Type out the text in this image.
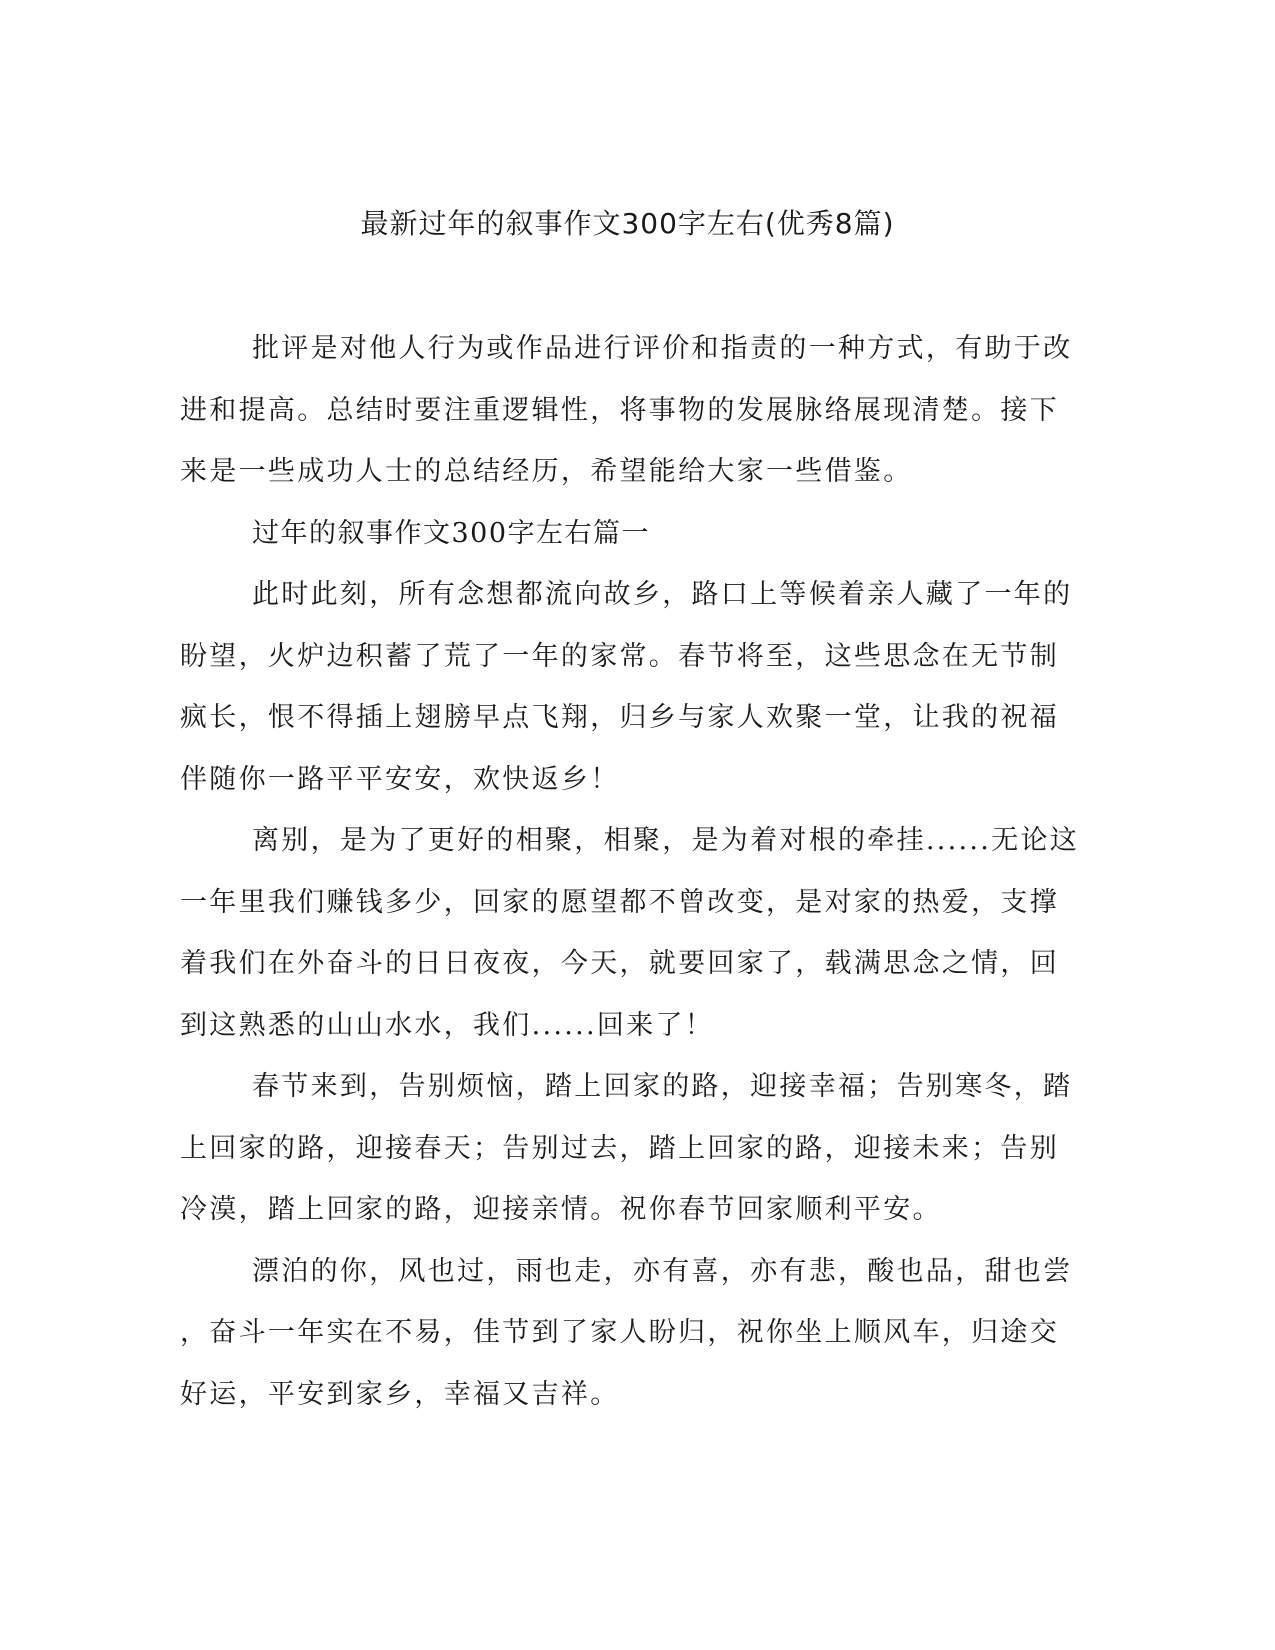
最新过年的叙事作文300字左右(优秀8篇)

批评是对他人行为或作品进行评价和指责的一种方式，有助于改
进和提高。总结时要注重逻辑性，将事物的发展脉络展现清楚。接下
来是一些成功人士的总结经历，希望能给大家一些借鉴。

过年的叙事作文300字左右篇一

此时此刻，所有念想都流向故乡，路口上等候着亲人藏了一年的
盼望，火炉边积蓄了荒了一年的家常。春节将至，这些思念在无节制
疯长，恨不得插上翅膀早点飞翔，归乡与家人欢聚一堂，让我的祝福
伴随你一路平平安安，欢快返乡！

离别，是为了更好的相聚，相聚，是为着对根的牵挂......无论这
一年里我们赚钱多少，回家的愿望都不曾改变，是对家的热爱，支撑
着我们在外奋斗的日日夜夜，今天，就要回家了，载满思念之情，回
到这熟悉的山山水水，我们......回来了！

春节来到，告别烦恼，踏上回家的路，迎接幸福；告别寒冬，踏
上回家的路，迎接春天；告别过去，踏上回家的路，迎接未来；告别
冷漠，踏上回家的路，迎接亲情。祝你春节回家顺利平安。

漂泊的你，风也过，雨也走，亦有喜，亦有悲，酸也品，甜也尝
，奋斗一年实在不易，佳节到了家人盼归，祝你坐上顺风车，归途交
好运，平安到家乡，幸福又吉祥。
